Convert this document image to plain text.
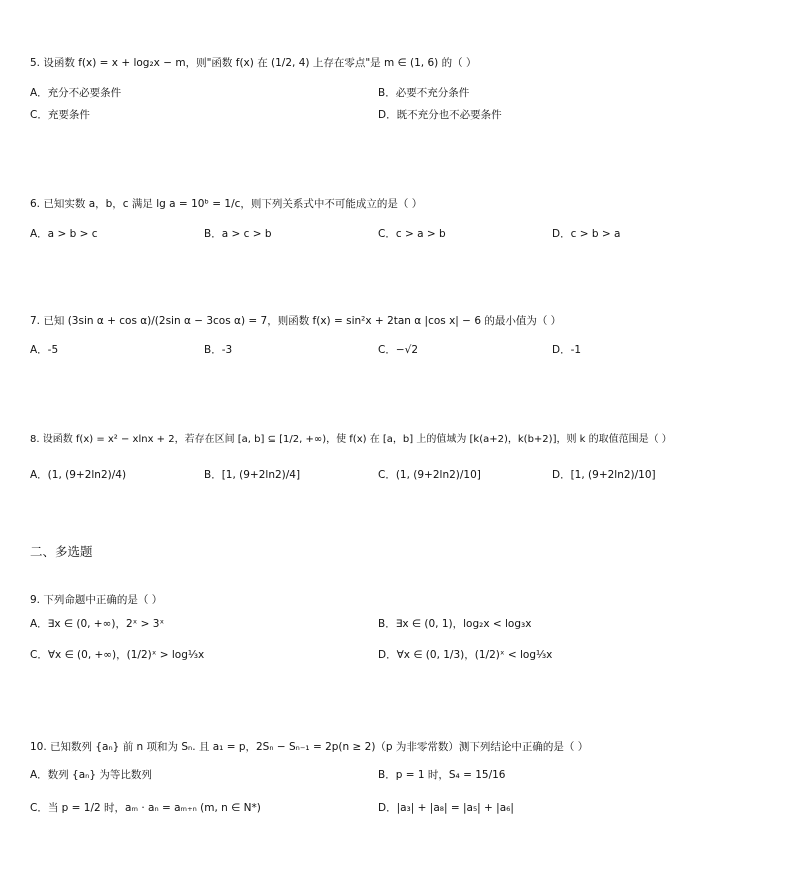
5. 设函数 f(x) = x + log₂x − m，则"函数 f(x) 在 (1/2, 4) 上存在零点"是 m ∈ (1, 6) 的（ ）
A．充分不必要条件	B．必要不充分条件
C．充要条件	D．既不充分也不必要条件
6. 已知实数 a，b，c 满足 lg a = 10ᵇ = 1/c，则下列关系式中不可能成立的是（ ）
A．a > b > c	B．a > c > b	C．c > a > b	D．c > b > a
7. 已知 (3sin α + cos α)/(2sin α − 3cos α) = 7，则函数 f(x) = sin²x + 2tan α |cos x| − 6 的最小值为（ ）
A．-5	B．-3	C．−√2	D．-1
8. 设函数 f(x) = x² − xlnx + 2，若存在区间 [a, b] ⊆ [1/2, +∞)，使 f(x) 在 [a，b] 上的值域为 [k(a+2)，k(b+2)]，则 k 的取值范围是（ ）
A．(1, (9+2ln2)/4)	B．[1, (9+2ln2)/4]	C．(1, (9+2ln2)/10]	D．[1, (9+2ln2)/10]
二、多选题
9. 下列命题中正确的是（ ）
A．∃x ∈ (0, +∞)，2ˣ > 3ˣ	B．∃x ∈ (0, 1)，log₂x < log₃x
C．∀x ∈ (0, +∞)，(1/2)ˣ > log⅓x	D．∀x ∈ (0, 1/3)，(1/2)ˣ < log⅓x
10. 已知数列 {aₙ} 前 n 项和为 Sₙ. 且 a₁ = p，2Sₙ − Sₙ₋₁ = 2p(n ≥ 2)（p 为非零常数）测下列结论中正确的是（ ）
A．数列 {aₙ} 为等比数列	B．p = 1 时，S₄ = 15/16
C．当 p = 1/2 时，aₘ · aₙ = aₘ₊ₙ (m, n ∈ N*)	D．|a₃| + |a₈| = |a₅| + |a₆|
